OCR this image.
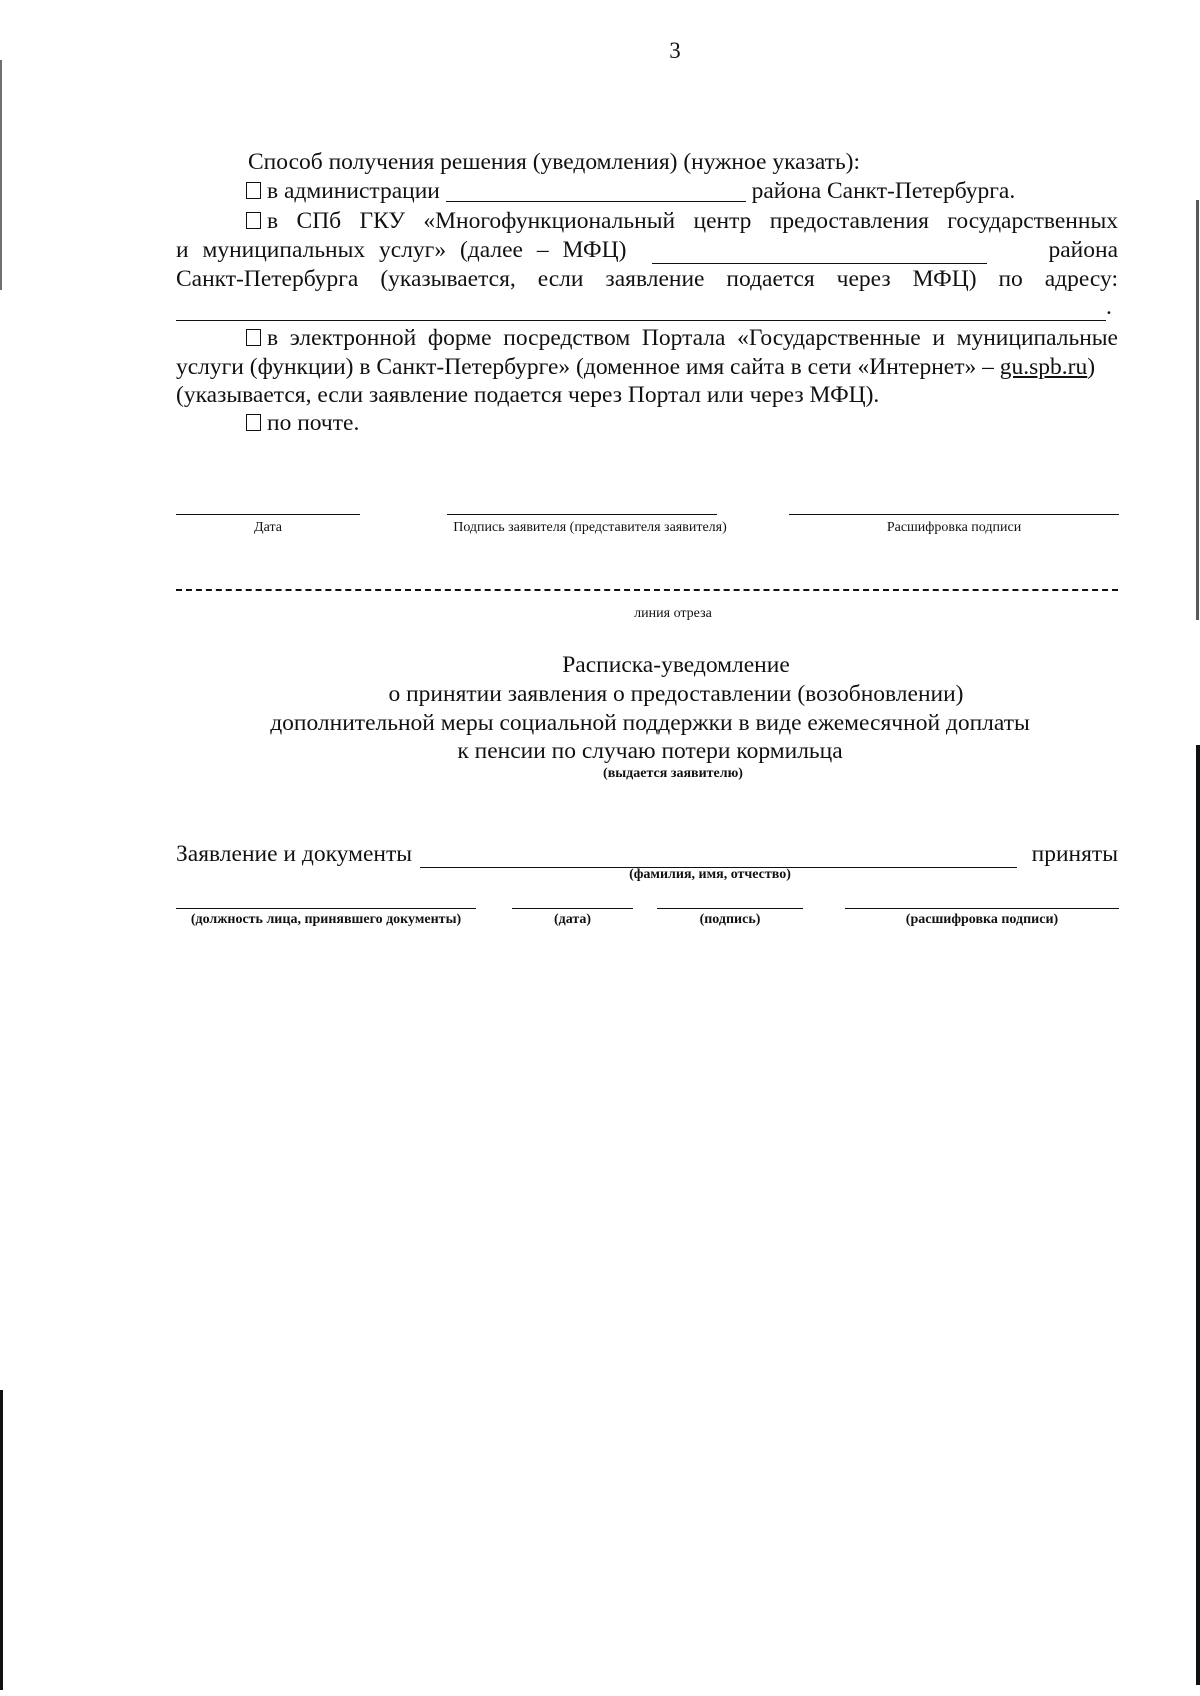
3
Способ получения решения (уведомления) (нужное указать):
в администрации	района Санкт-Петербурга.
в СПб ГКУ «Многофункциональный центр предоставления государственных
и муниципальных услуг» (далее – МФЦ)	района
Санкт-Петербурга (указывается, если заявление подается через МФЦ) по адресу:
.
в электронной форме посредством Портала «Государственные и муниципальные
услуги (функции) в Санкт-Петербурге» (доменное имя сайта в сети «Интернет» – gu.spb.ru)
(указывается, если заявление подается через Портал или через МФЦ).
по почте.
Дата	Подпись заявителя (представителя заявителя)	Расшифровка подписи
линия отреза
Расписка-уведомление
о принятии заявления о предоставлении (возобновлении)
дополнительной меры социальной поддержки в виде ежемесячной доплаты
к пенсии по случаю потери кормильца
(выдается заявителю)
Заявление и документы	приняты
(фамилия, имя, отчество)
(должность лица, принявшего документы)	(дата)	(подпись)	(расшифровка подписи)
